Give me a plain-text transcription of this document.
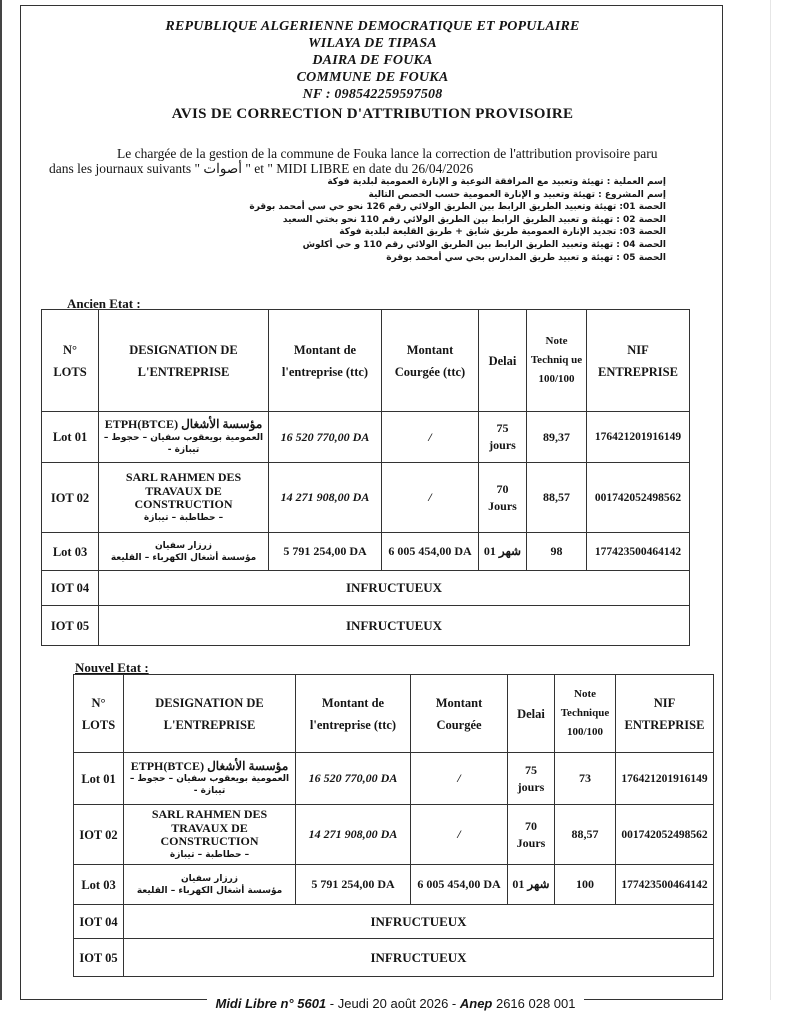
REPUBLIQUE ALGERIENNE DEMOCRATIQUE ET POPULAIRE
WILAYA DE TIPASA
DAIRA DE FOUKA
COMMUNE DE FOUKA
NF : 098542259597508
AVIS DE CORRECTION D'ATTRIBUTION PROVISOIRE
Le chargée de la gestion de la commune de Fouka lance la correction de l'attribution provisoire paru
dans les journaux suivants " أصوات " et " MIDI LIBRE en date du 26/04/2026
إسم العملية : تهيئة وتعبيد مع المرافقة النوعية و الإنارة العمومية لبلدية فوكة
إسم المشروع : تهيئة وتعبيد و الإنارة العمومية حسب الحصص التالية
الحصة 01: تهيئة وتعبيد الطريق الرابط بين الطريق الولائي رقم 126 نحو حي سي أمحمد بوقرة
الحصة 02 : تهيئة و تعبيد الطريق الرابط بين الطريق الولائي رقم 110 نحو بختي السعيد
الحصة 03: تجديد الإنارة العمومية طريق شايق + طريق القليعة لبلدية فوكة
الحصة 04 : تهيئة وتعبيد الطريق الرابط بين الطريق الولائي رقم 110 و حي أكلوش
الحصة 05 : تهيئة و تعبيد طريق المدارس بحي سي أمحمد بوقرة
Ancien Etat :
N° LOTS	DESIGNATION DE L'ENTREPRISE	Montant de l'entreprise (ttc)	Montant Courgée (ttc)	Delai	Note Techniq ue 100/100	NIF ENTREPRISE
Lot 01	ETPH(BTCE) مؤسسة الأشغال
العمومية بويعقوب سفيان – حجوط – تيبازة -	16 520 770,00 DA	/	75 jours	89,37	176421201916149
IOT 02	SARL RAHMEN DES TRAVAUX DE CONSTRUCTION
– حطاطبة – تيبازة	14 271 908,00 DA	/	70 Jours	88,57	001742052498562
Lot 03	زرزار سفيان
مؤسسة أشغال الكهرباء – القليعة	5 791 254,00 DA	6 005 454,00 DA	01 شهر	98	177423500464142
IOT 04	INFRUCTUEUX					
IOT 05	INFRUCTUEUX					
Nouvel Etat :
N° LOTS	DESIGNATION DE L'ENTREPRISE	Montant de l'entreprise (ttc)	Montant Courgée	Delai	Note Technique 100/100	NIF ENTREPRISE
Lot 01	ETPH(BTCE) مؤسسة الأشغال
العمومية بويعقوب سفيان – حجوط – تيبازة -	16 520 770,00 DA	/	75 jours	73	176421201916149
IOT 02	SARL RAHMEN DES TRAVAUX DE CONSTRUCTION
– حطاطبة – تيبازة	14 271 908,00 DA	/	70 Jours	88,57	001742052498562
Lot 03	زرزار سفيان
مؤسسة أشغال الكهرباء – القليعة	5 791 254,00 DA	6 005 454,00 DA	01 شهر	100	177423500464142
IOT 04	INFRUCTUEUX					
IOT 05	INFRUCTUEUX					
Midi Libre n° 5601 - Jeudi 20 août 2026 - Anep 2616 028 001
